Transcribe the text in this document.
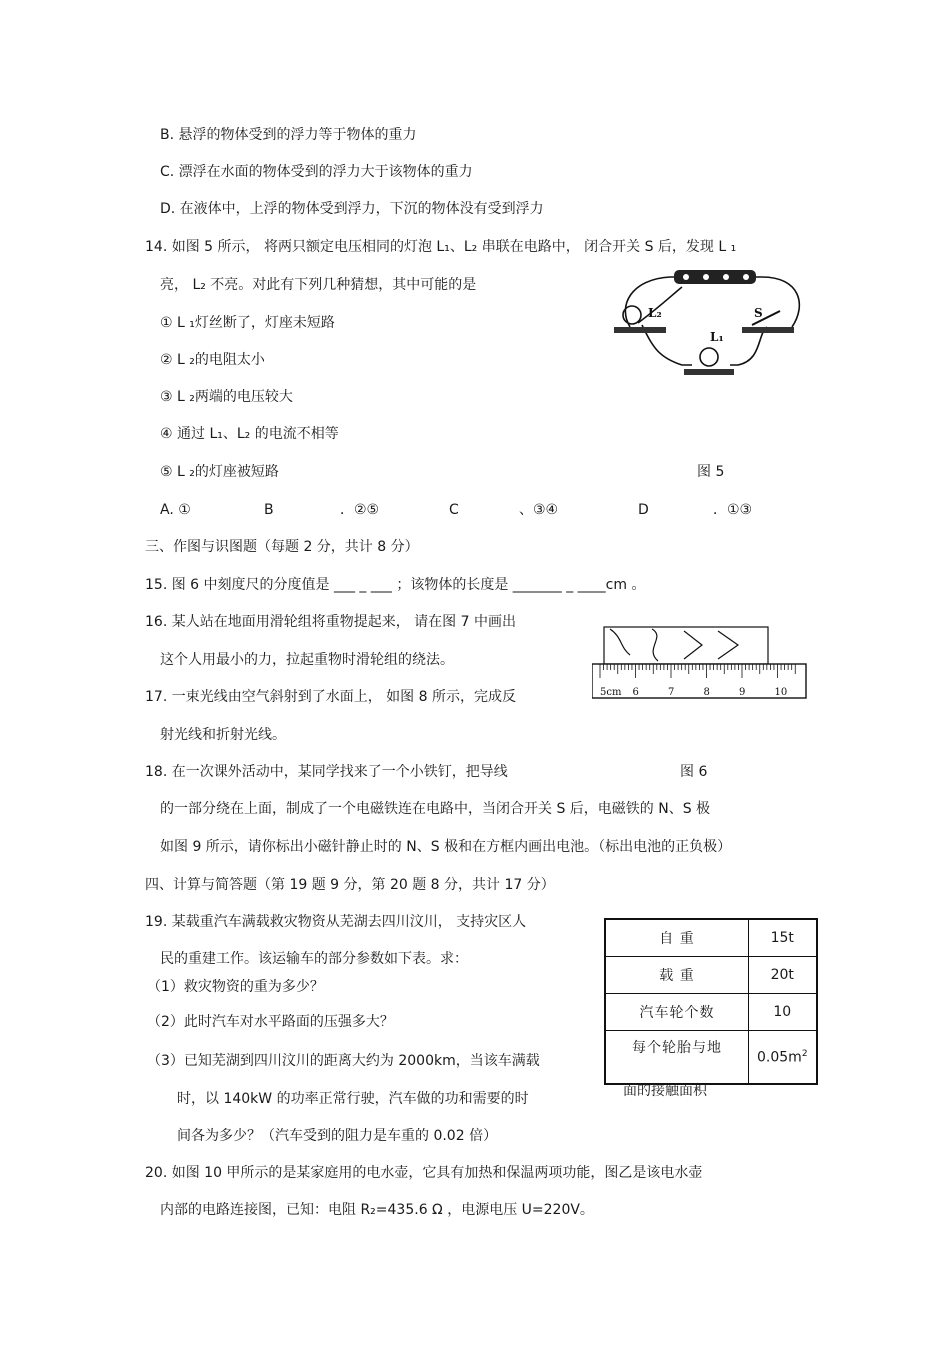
B. 悬浮的物体受到的浮力等于物体的重力
C. 漂浮在水面的物体受到的浮力大于该物体的重力
D. 在液体中，上浮的物体受到浮力，下沉的物体没有受到浮力
14. 如图 5 所示， 将两只额定电压相同的灯泡 L₁、L₂ 串联在电路中， 闭合开关 S 后，发现 L ₁
亮， L₂ 不亮。对此有下列几种猜想，其中可能的是
① L ₁灯丝断了，灯座未短路
② L ₂的电阻太小
③ L ₂两端的电压较大
④ 通过 L₁、L₂ 的电流不相等
⑤ L ₂的灯座被短路	图 5
A. ①	B	．②⑤	C	、③④	D	．①③
三、作图与识图题（每题 2 分，共计 8 分）
15. 图 6 中刻度尺的分度值是 ___ _ ___ ；该物体的长度是 _______ _ ____cm 。
16. 某人站在地面用滑轮组将重物提起来， 请在图 7 中画出
这个人用最小的力，拉起重物时滑轮组的绕法。
17. 一束光线由空气斜射到了水面上， 如图 8 所示，完成反
射光线和折射光线。
18. 在一次课外活动中，某同学找来了一个小铁钉，把导线	图 6
的一部分绕在上面，制成了一个电磁铁连在电路中，当闭合开关 S 后，电磁铁的 N、S 极
如图 9 所示，请你标出小磁针静止时的 N、S 极和在方框内画出电池。（标出电池的正负极）
四、计算与简答题（第 19 题 9 分，第 20 题 8 分，共计 17 分）
19. 某载重汽车满载救灾物资从芜湖去四川汶川， 支持灾区人
民的重建工作。该运输车的部分参数如下表。求：
（1）救灾物资的重为多少？
（2）此时汽车对水平路面的压强多大？
（3）已知芜湖到四川汶川的距离大约为 2000km，当该车满载
时，以 140kW 的功率正常行驶，汽车做的功和需要的时
间各为多少？（汽车受到的阻力是车重的 0.02 倍）
20. 如图 10 甲所示的是某家庭用的电水壶，它具有加热和保温两项功能，图乙是该电水壶
内部的电路连接图，已知：电阻 R₂=435.6 Ω ，电源电压 U=220V。
L₂	S
L₁
5cm 6	7	8	9	10
自 重	15t
载 重	20t
汽车轮个数	10
每个轮胎与地	$0.05m^2$
面的接触面积
